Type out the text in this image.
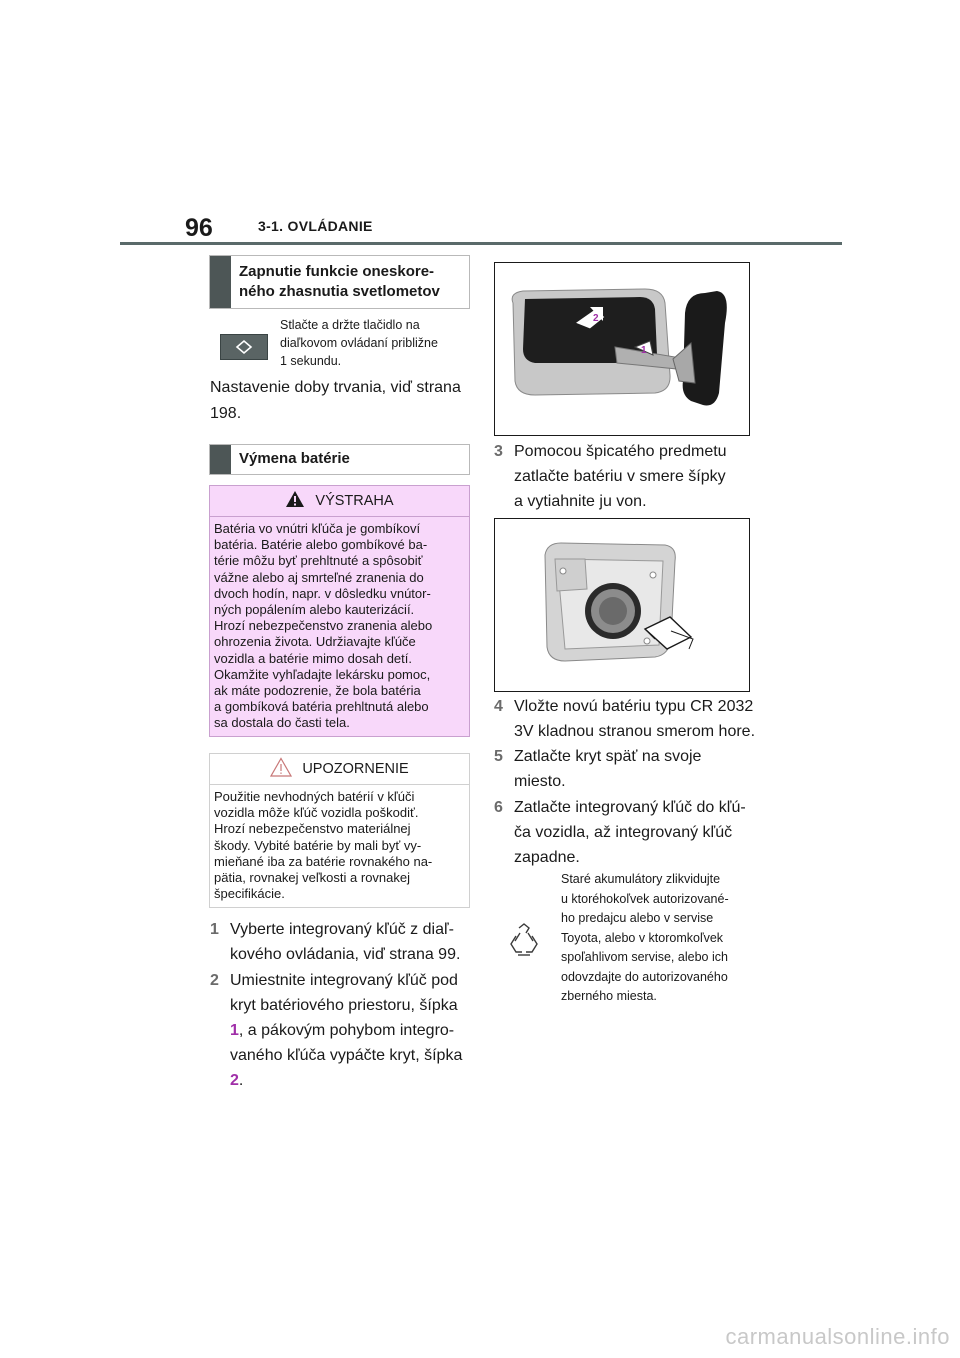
96	3-1. OVLÁDANIE
Zapnutie funkcie oneskore-
ného zhasnutia svetlometov
Stlačte a držte tlačidlo na
diaľkovom ovládaní približne
1 sekundu.
Nastavenie doby trvania, viď strana
198.
Výmena batérie
VÝSTRAHA
Batéria vo vnútri kľúča je gombíkoví
batéria. Batérie alebo gombíkové ba-
térie môžu byť prehltnuté a spôsobiť
vážne alebo aj smrteľné zranenia do
dvoch hodín, napr. v dôsledku vnútor-
ných popálením alebo kauterizácií.
Hrozí nebezpečenstvo zranenia alebo
ohrozenia života. Udržiavajte kľúče
vozidla a batérie mimo dosah detí.
Okamžite vyhľadajte lekársku pomoc,
ak máte podozrenie, že bola batéria
a gombíková batéria prehltnutá alebo
sa dostala do časti tela.
UPOZORNENIE
Použitie nevhodných batérií v kľúči
vozidla môže kľúč vozidla poškodiť.
Hrozí nebezpečenstvo materiálnej
škody. Vybité batérie by mali byť vy-
mieňané iba za batérie rovnakého na-
pätia, rovnakej veľkosti a rovnakej
špecifikácie.
1 Vyberte integrovaný kľúč z diaľ-
kového ovládania, viď strana 99.
2 Umiestnite integrovaný kľúč pod
kryt batériového priestoru, šípka
1, a pákovým pohybom integro-
vaného kľúča vypáčte kryt, šípka
2.
2
1
3 Pomocou špicatého predmetu
zatlačte batériu v smere šípky
a vytiahnite ju von.
4 Vložte novú batériu typu CR 2032
3V kladnou stranou smerom hore.
5 Zatlačte kryt späť na svoje
miesto.
6 Zatlačte integrovaný kľúč do kľú-
ča vozidla, až integrovaný kľúč
zapadne.
Staré akumulátory zlikvidujte
u ktoréhokoľvek autorizované-
ho predajcu alebo v servise
Toyota, alebo v ktoromkoľvek
spoľahlivom servise, alebo ich
odovzdajte do autorizovaného
zberného miesta.
carmanualsonline.info
